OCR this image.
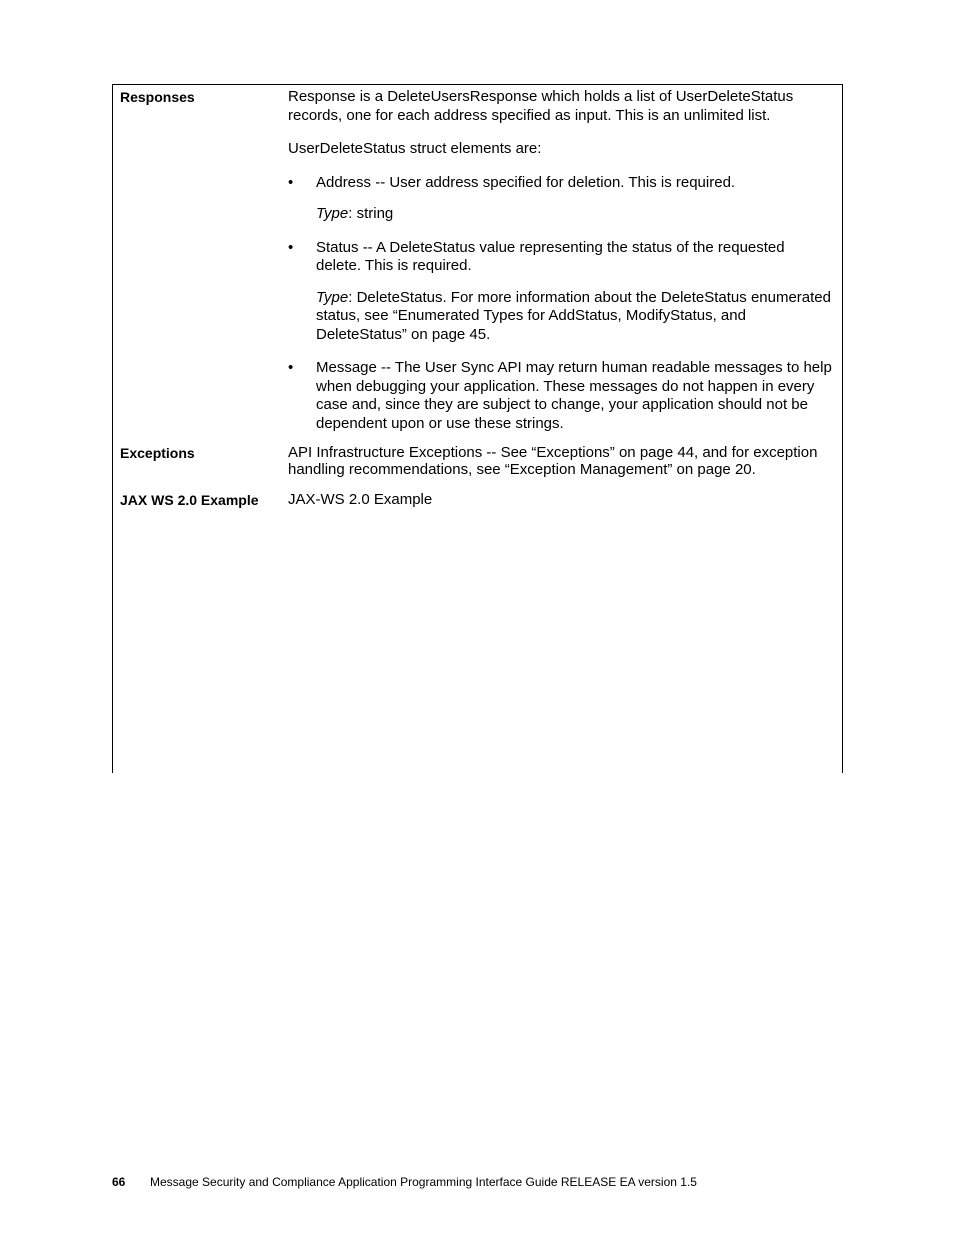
Responses	Response is a DeleteUsersResponse which holds a list of UserDeleteStatus records, one for each address specified as input. This is an unlimited list.

UserDeleteStatus struct elements are:

• Address -- User address specified for deletion. This is required.

Type: string

• Status -- A DeleteStatus value representing the status of the requested delete. This is required.

Type: DeleteStatus. For more information about the DeleteStatus enumerated status, see “Enumerated Types for AddStatus, ModifyStatus, and DeleteStatus” on page 45.

• Message -- The User Sync API may return human readable messages to help when debugging your application. These messages do not happen in every case and, since they are subject to change, your application should not be dependent upon or use these strings.

Exceptions	API Infrastructure Exceptions -- See “Exceptions” on page 44, and for exception handling recommendations, see “Exception Management” on page 20.

JAX WS 2.0 Example JAX-WS 2.0 Example

66 Message Security and Compliance Application Programming Interface Guide RELEASE EA version 1.5
